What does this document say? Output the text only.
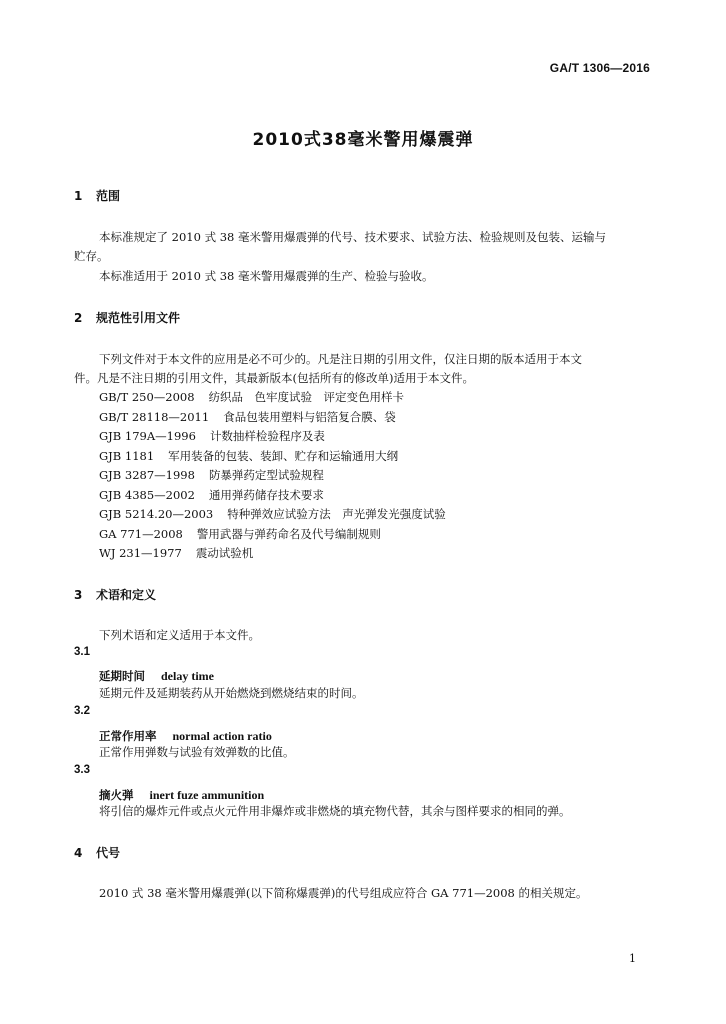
GA/T 1306—2016
2010式38毫米警用爆震弹
1 范围
本标准规定了 2010 式 38 毫米警用爆震弹的代号、技术要求、试验方法、检验规则及包装、运输与
贮存。
本标准适用于 2010 式 38 毫米警用爆震弹的生产、检验与验收。
2 规范性引用文件
下列文件对于本文件的应用是必不可少的。凡是注日期的引用文件，仅注日期的版本适用于本文
件。凡是不注日期的引用文件，其最新版本(包括所有的修改单)适用于本文件。
GB/T 250—2008 纺织品　色牢度试验　评定变色用样卡
GB/T 28118—2011 食品包装用塑料与铝箔复合膜、袋
GJB 179A—1996 计数抽样检验程序及表
GJB 1181 军用装备的包装、装卸、贮存和运输通用大纲
GJB 3287—1998 防暴弹药定型试验规程
GJB 4385—2002 通用弹药储存技术要求
GJB 5214.20—2003 特种弹效应试验方法　声光弹发光强度试验
GA 771—2008 警用武器与弹药命名及代号编制规则
WJ 231—1977 震动试验机
3 术语和定义
下列术语和定义适用于本文件。
3.1
延期时间 delay time
延期元件及延期装药从开始燃烧到燃烧结束的时间。
3.2
正常作用率 normal action ratio
正常作用弹数与试验有效弹数的比值。
3.3
摘火弹 inert fuze ammunition
将引信的爆炸元件或点火元件用非爆炸或非燃烧的填充物代替，其余与图样要求的相同的弹。
4 代号
2010 式 38 毫米警用爆震弹(以下简称爆震弹)的代号组成应符合 GA 771—2008 的相关规定。
1
